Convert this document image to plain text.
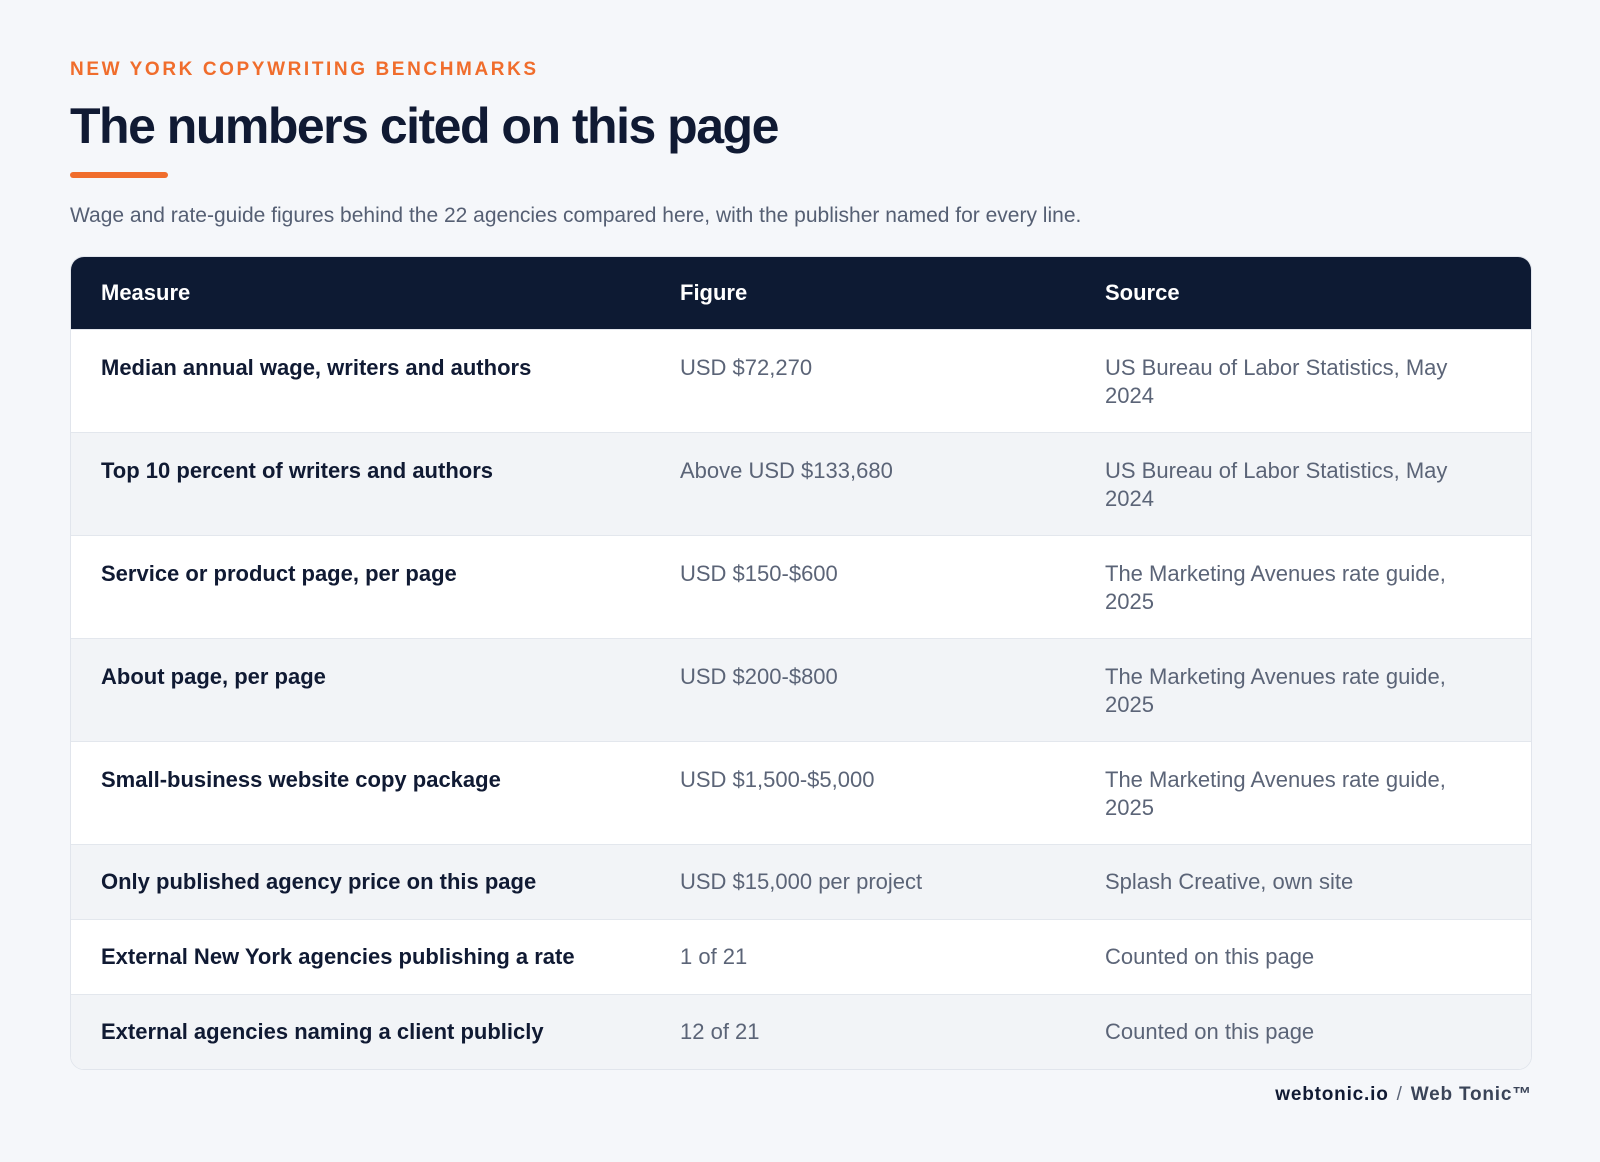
NEW YORK COPYWRITING BENCHMARKS

The numbers cited on this page

Wage and rate-guide figures behind the 22 agencies compared here, with the publisher named for every line.

Measure	Figure	Source
Median annual wage, writers and authors	USD $72,270	US Bureau of Labor Statistics, May 2024
Top 10 percent of writers and authors	Above USD $133,680	US Bureau of Labor Statistics, May 2024
Service or product page, per page	USD $150-$600	The Marketing Avenues rate guide, 2025
About page, per page	USD $200-$800	The Marketing Avenues rate guide, 2025
Small-business website copy package	USD $1,500-$5,000	The Marketing Avenues rate guide, 2025
Only published agency price on this page	USD $15,000 per project	Splash Creative, own site
External New York agencies publishing a rate	1 of 21	Counted on this page
External agencies naming a client publicly	12 of 21	Counted on this page
webtonic.io / Web Tonic™
